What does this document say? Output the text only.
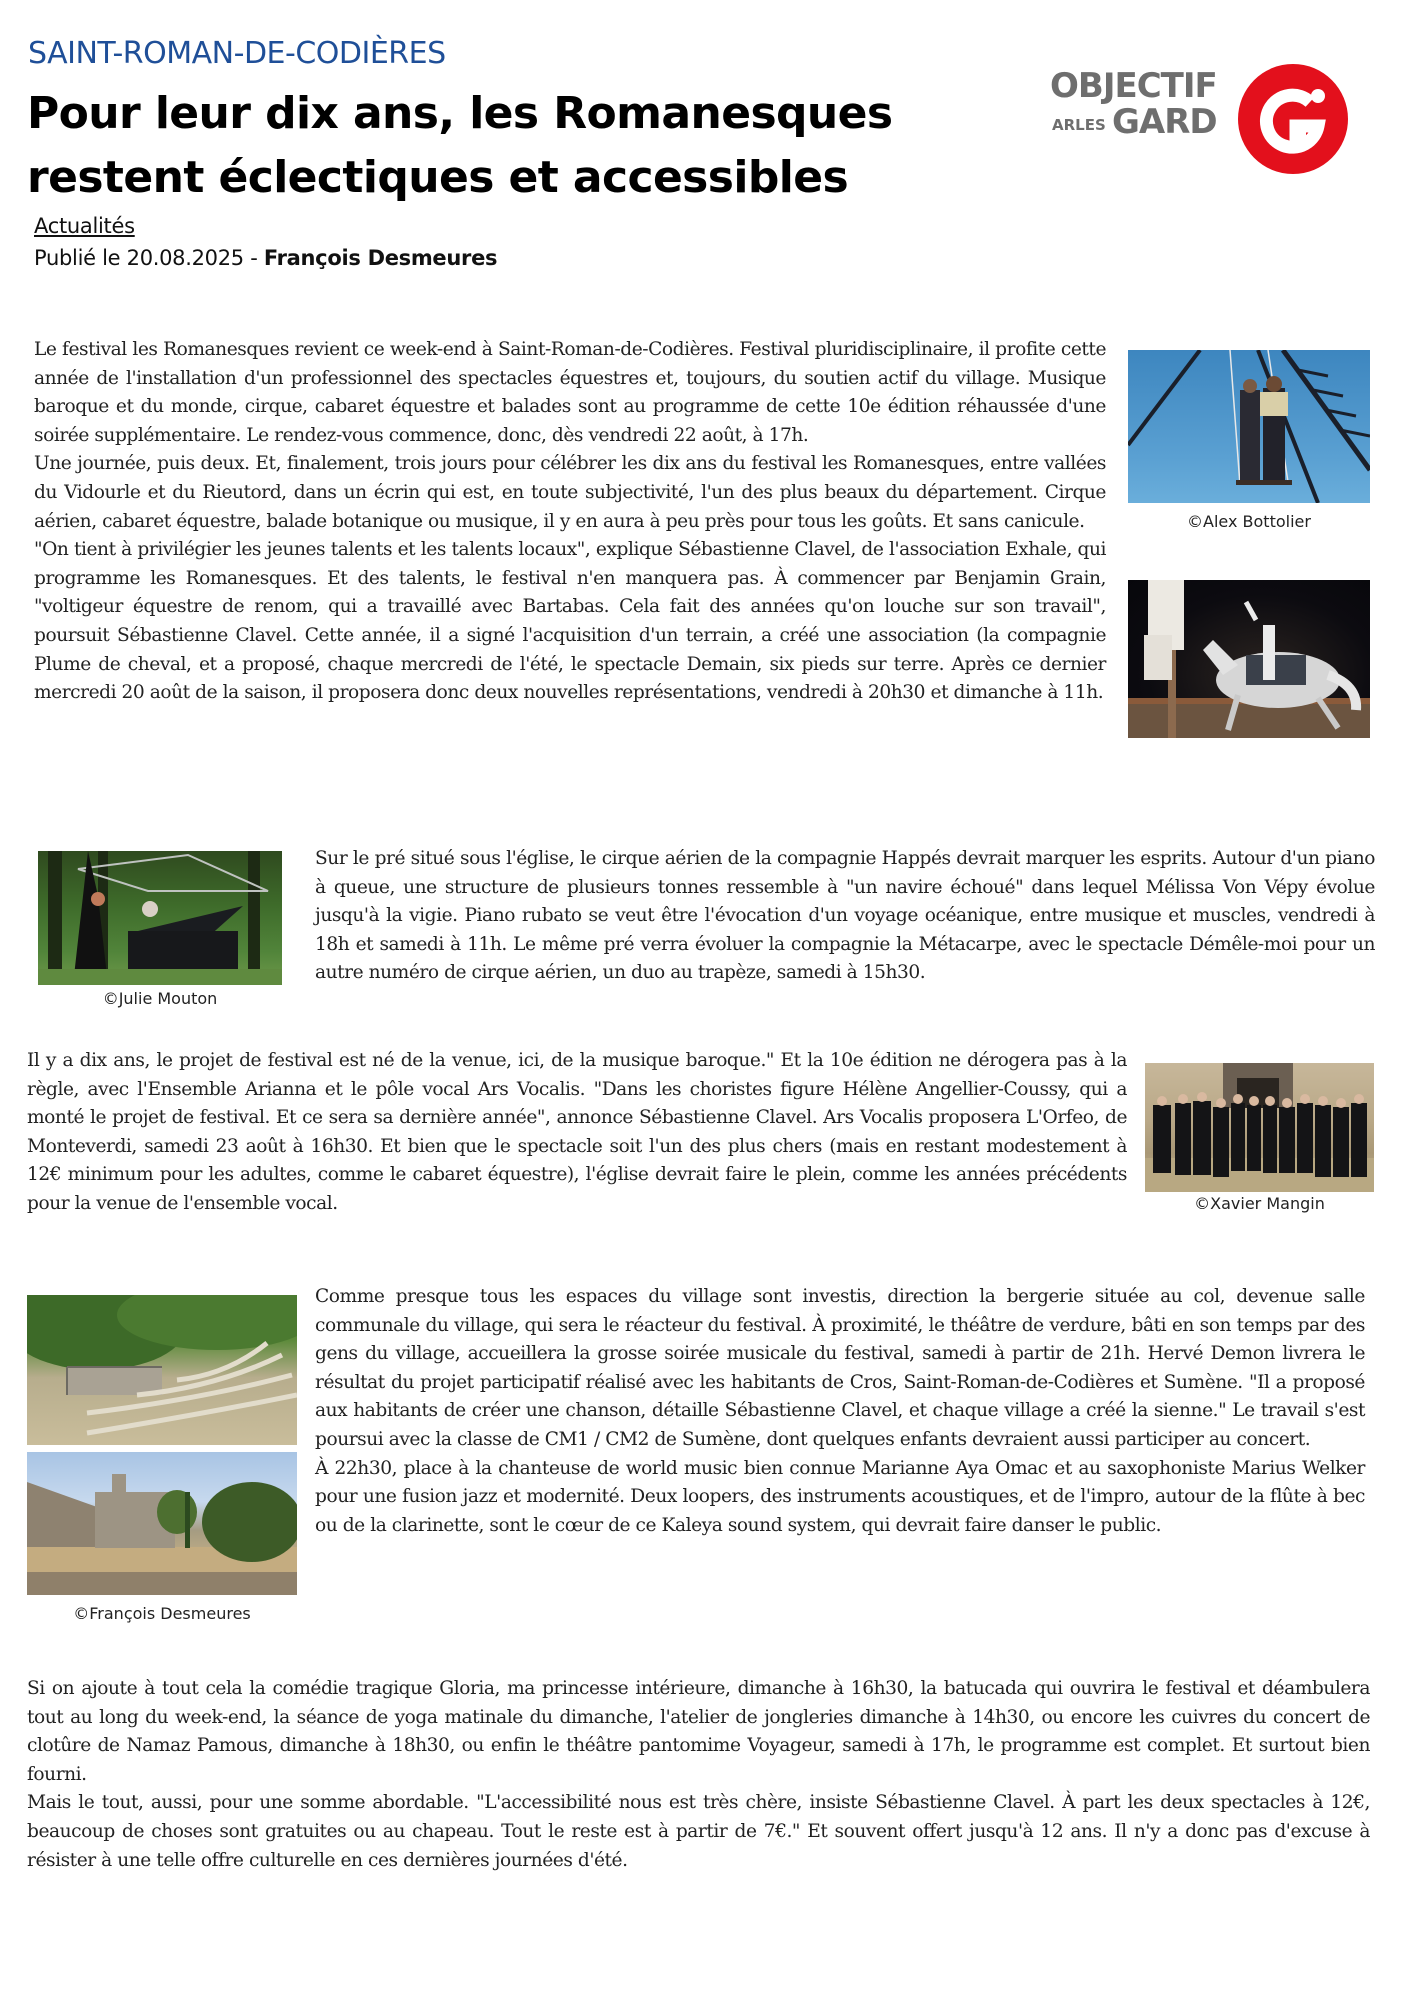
SAINT-ROMAN-DE-CODIÈRES
Pour leur dix ans, les Romanesques restent éclectiques et accessibles
Actualités
Publié le 20.08.2025 - François Desmeures
OBJECTIF
ARLES GARD

Le festival les Romanesques revient ce week-end à Saint-Roman-de-Codières. Festival pluridisciplinaire, il profite cette année de l'installation d'un professionnel des spectacles équestres et, toujours, du soutien actif du village. Musique baroque et du monde, cirque, cabaret équestre et balades sont au programme de cette 10e édition réhaussée d'une soirée supplémentaire. Le rendez-vous commence, donc, dès vendredi 22 août, à 17h.

Une journée, puis deux. Et, finalement, trois jours pour célébrer les dix ans du festival les Romanesques, entre vallées du Vidourle et du Rieutord, dans un écrin qui est, en toute subjectivité, l'un des plus beaux du département. Cirque aérien, cabaret équestre, balade botanique ou musique, il y en aura à peu près pour tous les goûts. Et sans canicule.

"On tient à privilégier les jeunes talents et les talents locaux", explique Sébastienne Clavel, de l'association Exhale, qui programme les Romanesques. Et des talents, le festival n'en manquera pas. À commencer par Benjamin Grain, "voltigeur équestre de renom, qui a travaillé avec Bartabas. Cela fait des années qu'on louche sur son travail", poursuit Sébastienne Clavel. Cette année, il a signé l'acquisition d'un terrain, a créé une association (la compagnie Plume de cheval, et a proposé, chaque mercredi de l'été, le spectacle Demain, six pieds sur terre. Après ce dernier mercredi 20 août de la saison, il proposera donc deux nouvelles représentations, vendredi à 20h30 et dimanche à 11h.

©Alex Bottolier
©Julie Mouton

Sur le pré situé sous l'église, le cirque aérien de la compagnie Happés devrait marquer les esprits. Autour d'un piano à queue, une structure de plusieurs tonnes ressemble à "un navire échoué" dans lequel Mélissa Von Vépy évolue jusqu'à la vigie. Piano rubato se veut être l'évocation d'un voyage océanique, entre musique et muscles, vendredi à 18h et samedi à 11h. Le même pré verra évoluer la compagnie la Métacarpe, avec le spectacle Démêle-moi pour un autre numéro de cirque aérien, un duo au trapèze, samedi à 15h30.

Il y a dix ans, le projet de festival est né de la venue, ici, de la musique baroque." Et la 10e édition ne dérogera pas à la règle, avec l'Ensemble Arianna et le pôle vocal Ars Vocalis. "Dans les choristes figure Hélène Angellier-Coussy, qui a monté le projet de festival. Et ce sera sa dernière année", annonce Sébastienne Clavel. Ars Vocalis proposera L'Orfeo, de Monteverdi, samedi 23 août à 16h30. Et bien que le spectacle soit l'un des plus chers (mais en restant modestement à 12€ minimum pour les adultes, comme le cabaret équestre), l'église devrait faire le plein, comme les années précédents pour la venue de l'ensemble vocal.	©Xavier Mangin
©François Desmeures

Comme presque tous les espaces du village sont investis, direction la bergerie située au col, devenue salle communale du village, qui sera le réacteur du festival. À proximité, le théâtre de verdure, bâti en son temps par des gens du village, accueillera la grosse soirée musicale du festival, samedi à partir de 21h. Hervé Demon livrera le résultat du projet participatif réalisé avec les habitants de Cros, Saint-Roman-de-Codières et Sumène. "Il a proposé aux habitants de créer une chanson, détaille Sébastienne Clavel, et chaque village a créé la sienne." Le travail s'est poursui avec la classe de CM1 / CM2 de Sumène, dont quelques enfants devraient aussi participer au concert.

À 22h30, place à la chanteuse de world music bien connue Marianne Aya Omac et au saxophoniste Marius Welker pour une fusion jazz et modernité. Deux loopers, des instruments acoustiques, et de l'impro, autour de la flûte à bec ou de la clarinette, sont le cœur de ce Kaleya sound system, qui devrait faire danser le public.

Si on ajoute à tout cela la comédie tragique Gloria, ma princesse intérieure, dimanche à 16h30, la batucada qui ouvrira le festival et déambulera tout au long du week-end, la séance de yoga matinale du dimanche, l'atelier de jongleries dimanche à 14h30, ou encore les cuivres du concert de clotûre de Namaz Pamous, dimanche à 18h30, ou enfin le théâtre pantomime Voyageur, samedi à 17h, le programme est complet. Et surtout bien fourni.

Mais le tout, aussi, pour une somme abordable. "L'accessibilité nous est très chère, insiste Sébastienne Clavel. À part les deux spectacles à 12€, beaucoup de choses sont gratuites ou au chapeau. Tout le reste est à partir de 7€." Et souvent offert jusqu'à 12 ans. Il n'y a donc pas d'excuse à résister à une telle offre culturelle en ces dernières journées d'été.
